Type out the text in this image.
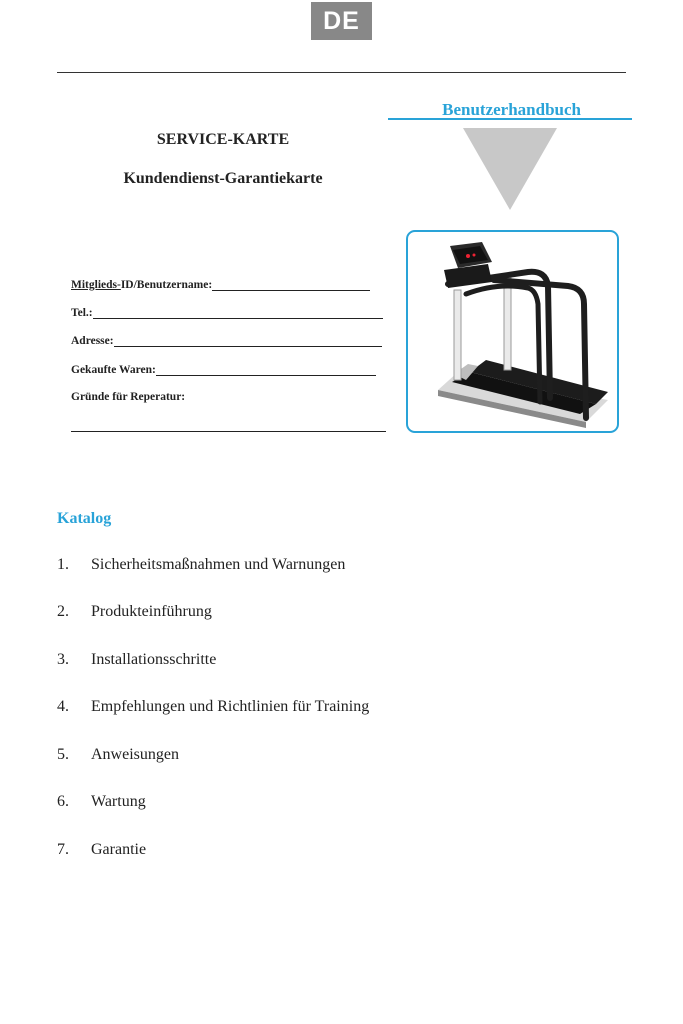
DE
Benutzerhandbuch
SERVICE-KARTE
Kundendienst-Garantiekarte
Mitglieds- ID/Benutzername:
Tel.:
Adresse:
Gekaufte Waren:
Gründe für Reperatur:
Katalog
1.	Sicherheitsmaßnahmen und Warnungen
2.	Produkteinführung
3.	Installationsschritte
4.	Empfehlungen und Richtlinien für Training
5.	Anweisungen
6.	Wartung
7.	Garantie
